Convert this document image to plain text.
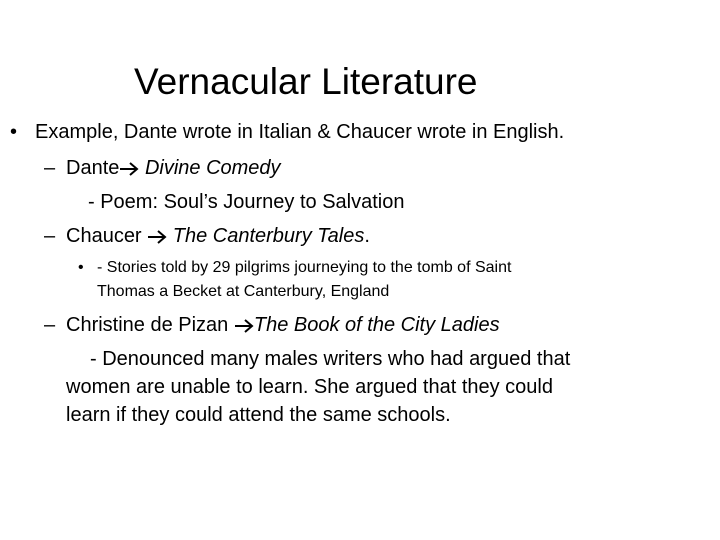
Vernacular Literature
• Example, Dante wrote in Italian & Chaucer wrote in English.
– Dante Divine Comedy
- Poem: Soul’s Journey to Salvation
– Chaucer The Canterbury Tales.
• - Stories told by 29 pilgrims journeying to the tomb of Saint
Thomas a Becket at Canterbury, England
– Christine de Pizan The Book of the City Ladies
- Denounced many males writers who had argued that
women are unable to learn. She argued that they could
learn if they could attend the same schools.
